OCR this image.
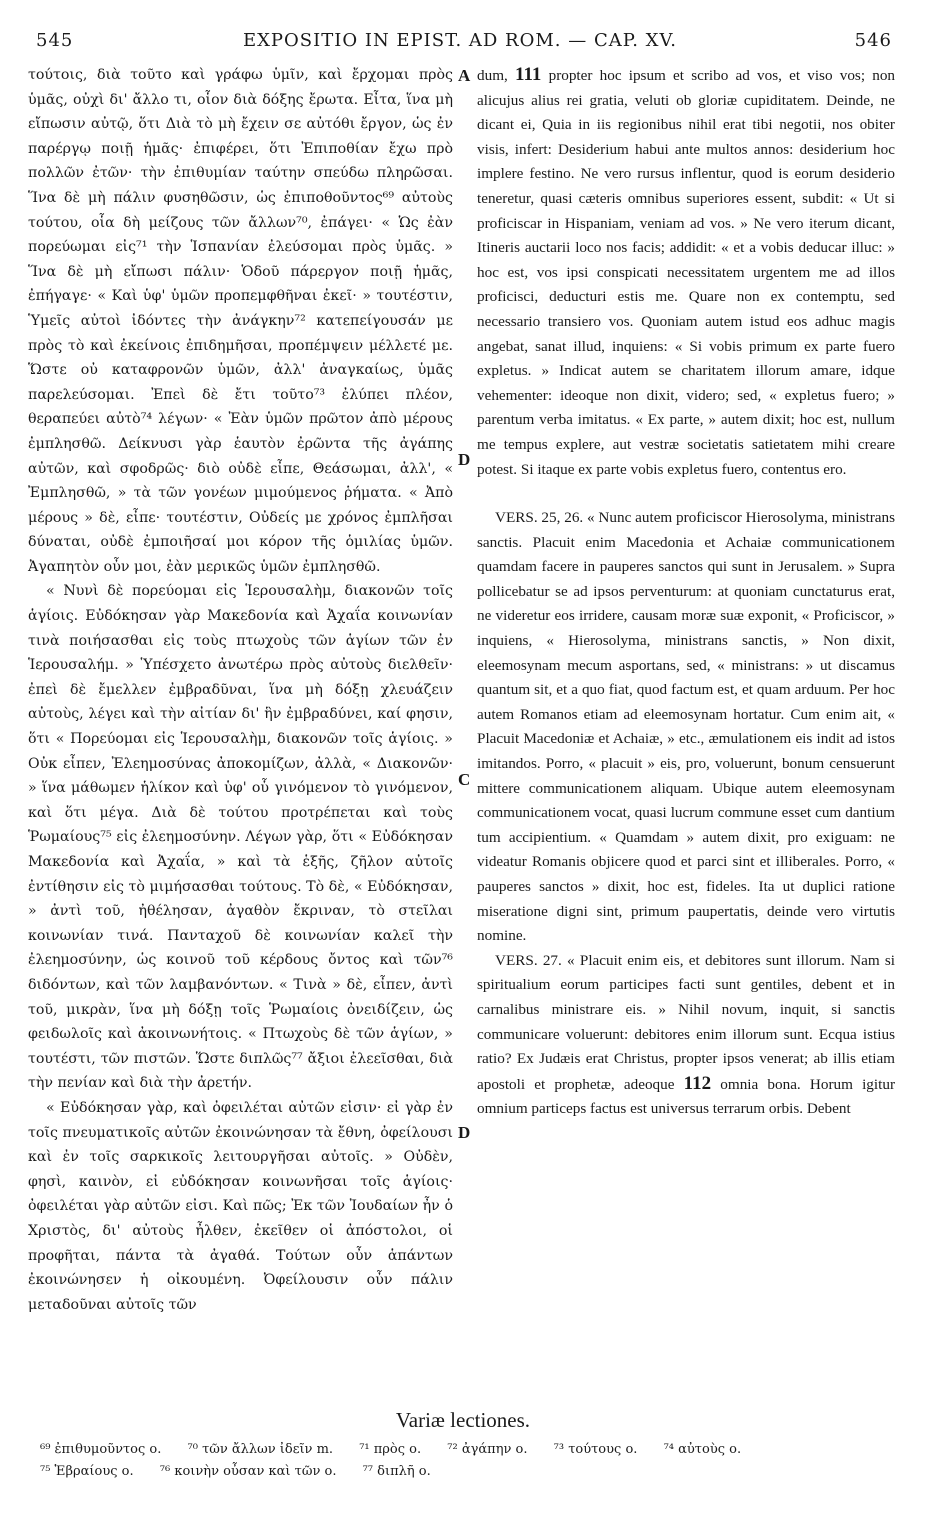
545	EXPOSITIO IN EPIST. AD ROM. — CAP. XV.	546
A
D
C
D

τούτοις, διὰ τοῦτο καὶ γράφω ὑμῖν, καὶ ἔρχομαι πρὸς ὑμᾶς, οὐχὶ δι' ἄλλο τι, οἷον διὰ δόξης ἔρωτα. Εἶτα, ἵνα μὴ εἴπωσιν αὐτῷ, ὅτι Διὰ τὸ μὴ ἔχειν σε αὐτόθι ἔργον, ὡς ἐν παρέργῳ ποιῇ ἡμᾶς· ἐπιφέρει, ὅτι Ἐπιποθίαν ἔχω πρὸ πολλῶν ἐτῶν· τὴν ἐπιθυμίαν ταύτην σπεύδω πληρῶσαι. Ἵνα δὲ μὴ πάλιν φυσηθῶσιν, ὡς ἐπιποθοῦντος⁶⁹ αὐτοὺς τούτου, οἷα δὴ μείζους τῶν ἄλλων⁷⁰, ἐπάγει· « Ὡς ἐὰν πορεύωμαι εἰς⁷¹ τὴν Ἱσπανίαν ἐλεύσομαι πρὸς ὑμᾶς. » Ἵνα δὲ μὴ εἴπωσι πάλιν· Ὁδοῦ πάρεργον ποιῇ ἡμᾶς, ἐπήγαγε· « Καὶ ὑφ' ὑμῶν προπεμφθῆναι ἐκεῖ· » τουτέστιν, Ὑμεῖς αὐτοὶ ἰδόντες τὴν ἀνάγκην⁷² κατεπείγουσάν με πρὸς τὸ καὶ ἐκείνοις ἐπιδημῆσαι, προπέμψειν μέλλετέ με. Ὥστε οὐ καταφρονῶν ὑμῶν, ἀλλ' ἀναγκαίως, ὑμᾶς παρελεύσομαι. Ἐπεὶ δὲ ἔτι τοῦτο⁷³ ἐλύπει πλέον, θεραπεύει αὐτὸ⁷⁴ λέγων· « Ἐὰν ὑμῶν πρῶτον ἀπὸ μέρους ἐμπλησθῶ. Δείκνυσι γὰρ ἑαυτὸν ἐρῶντα τῆς ἀγάπης αὐτῶν, καὶ σφοδρῶς· διὸ οὐδὲ εἶπε, Θεάσωμαι, ἀλλ', « Ἐμπλησθῶ, » τὰ τῶν γονέων μιμούμενος ῥήματα. « Ἀπὸ μέρους » δὲ, εἶπε· τουτέστιν, Οὐδείς με χρόνος ἐμπλῆσαι δύναται, οὐδὲ ἐμποιῆσαί μοι κόρον τῆς ὁμιλίας ὑμῶν. Ἀγαπητὸν οὖν μοι, ἐὰν μερικῶς ὑμῶν ἐμπλησθῶ.

« Νυνὶ δὲ πορεύομαι εἰς Ἱερουσαλὴμ, διακονῶν τοῖς ἁγίοις. Εὐδόκησαν γὰρ Μακεδονία καὶ Ἀχαΐα κοινωνίαν τινὰ ποιήσασθαι εἰς τοὺς πτωχοὺς τῶν ἁγίων τῶν ἐν Ἱερουσαλήμ. » Ὑπέσχετο ἀνωτέρω πρὸς αὐτοὺς διελθεῖν· ἐπεὶ δὲ ἔμελλεν ἐμβραδῦναι, ἵνα μὴ δόξῃ χλευάζειν αὐτοὺς, λέγει καὶ τὴν αἰτίαν δι' ἣν ἐμβραδύνει, καί φησιν, ὅτι « Πορεύομαι εἰς Ἱερουσαλὴμ, διακονῶν τοῖς ἁγίοις. » Οὐκ εἶπεν, Ἐλεημοσύνας ἀποκομίζων, ἀλλὰ, « Διακονῶν· » ἵνα μάθωμεν ἡλίκον καὶ ὑφ' οὗ γινόμενον τὸ γινόμενον, καὶ ὅτι μέγα. Διὰ δὲ τούτου προτρέπεται καὶ τοὺς Ῥωμαίους⁷⁵ εἰς ἐλεημοσύνην. Λέγων γὰρ, ὅτι « Εὐδόκησαν Μακεδονία καὶ Ἀχαΐα, » καὶ τὰ ἑξῆς, ζῆλον αὐτοῖς ἐντίθησιν εἰς τὸ μιμήσασθαι τούτους. Τὸ δὲ, « Εὐδόκησαν, » ἀντὶ τοῦ, ἠθέλησαν, ἀγαθὸν ἔκριναν, τὸ στεῖλαι κοινωνίαν τινά. Πανταχοῦ δὲ κοινωνίαν καλεῖ τὴν ἐλεημοσύνην, ὡς κοινοῦ τοῦ κέρδους ὄντος καὶ τῶν⁷⁶ διδόντων, καὶ τῶν λαμβανόντων. « Τινὰ » δὲ, εἶπεν, ἀντὶ τοῦ, μικρὰν, ἵνα μὴ δόξῃ τοῖς Ῥωμαίοις ὀνειδίζειν, ὡς φειδωλοῖς καὶ ἀκοινωνήτοις. « Πτωχοὺς δὲ τῶν ἁγίων, » τουτέστι, τῶν πιστῶν. Ὥστε διπλῶς⁷⁷ ἄξιοι ἐλεεῖσθαι, διὰ τὴν πενίαν καὶ διὰ τὴν ἀρετήν.

« Εὐδόκησαν γὰρ, καὶ ὀφειλέται αὐτῶν εἰσιν· εἰ γὰρ ἐν τοῖς πνευματικοῖς αὐτῶν ἐκοινώνησαν τὰ ἔθνη, ὀφείλουσι καὶ ἐν τοῖς σαρκικοῖς λειτουργῆσαι αὐτοῖς. » Οὐδὲν, φησὶ, καινὸν, εἰ εὐδόκησαν κοινωνῆσαι τοῖς ἁγίοις· ὀφειλέται γὰρ αὐτῶν εἰσι. Καὶ πῶς; Ἐκ τῶν Ἰουδαίων ἦν ὁ Χριστὸς, δι' αὐτοὺς ἦλθεν, ἐκεῖθεν οἱ ἀπόστολοι, οἱ προφῆται, πάντα τὰ ἀγαθά. Τούτων οὖν ἁπάντων ἐκοινώνησεν ἡ οἰκουμένη. Ὀφείλουσιν οὖν πάλιν μεταδοῦναι αὐτοῖς τῶν

dum, 111 propter hoc ipsum et scribo ad vos, et viso vos; non alicujus alius rei gratia, veluti ob gloriæ cupiditatem. Deinde, ne dicant ei, Quia in iis regionibus nihil erat tibi negotii, nos obiter visis, infert: Desiderium habui ante multos annos: desiderium hoc implere festino. Ne vero rursus inflentur, quod is eorum desiderio teneretur, quasi cæteris omnibus superiores essent, subdit: « Ut si proficiscar in Hispaniam, veniam ad vos. » Ne vero iterum dicant, Itineris auctarii loco nos facis; addidit: « et a vobis deducar illuc: » hoc est, vos ipsi conspicati necessitatem urgentem me ad illos proficisci, deducturi estis me. Quare non ex contemptu, sed necessario transiero vos. Quoniam autem istud eos adhuc magis angebat, sanat illud, inquiens: « Si vobis primum ex parte fuero expletus. » Indicat autem se charitatem illorum amare, idque vehementer: ideoque non dixit, videro; sed, « expletus fuero; » parentum verba imitatus. « Ex parte, » autem dixit; hoc est, nullum me tempus explere, aut vestræ societatis satietatem mihi creare potest. Si itaque ex parte vobis expletus fuero, contentus ero.

VERS. 25, 26. « Nunc autem proficiscor Hierosolyma, ministrans sanctis. Placuit enim Macedonia et Achaiæ communicationem quamdam facere in pauperes sanctos qui sunt in Jerusalem. » Supra pollicebatur se ad ipsos perventurum: at quoniam cunctaturus erat, ne videretur eos irridere, causam moræ suæ exponit, « Proficiscor, » inquiens, « Hierosolyma, ministrans sanctis, » Non dixit, eleemosynam mecum asportans, sed, « ministrans: » ut discamus quantum sit, et a quo fiat, quod factum est, et quam arduum. Per hoc autem Romanos etiam ad eleemosynam hortatur. Cum enim ait, « Placuit Macedoniæ et Achaiæ, » etc., æmulationem eis indit ad istos imitandos. Porro, « placuit » eis, pro, voluerunt, bonum censuerunt mittere communicationem aliquam. Ubique autem eleemosynam communicationem vocat, quasi lucrum commune esset cum dantium tum accipientium. « Quamdam » autem dixit, pro exiguam: ne videatur Romanis objicere quod et parci sint et illiberales. Porro, « pauperes sanctos » dixit, hoc est, fideles. Ita ut duplici ratione miseratione digni sint, primum paupertatis, deinde vero virtutis nomine.

VERS. 27. « Placuit enim eis, et debitores sunt illorum. Nam si spiritualium eorum participes facti sunt gentiles, debent et in carnalibus ministrare eis. » Nihil novum, inquit, si sanctis communicare voluerunt: debitores enim illorum sunt. Ecqua istius ratio? Ex Judæis erat Christus, propter ipsos venerat; ab illis etiam apostoli et prophetæ, adeoque 112 omnia bona. Horum igitur omnium particeps factus est universus terrarum orbis. Debent

Variæ lectiones.
⁶⁹ ἐπιθυμοῦντος ο. ⁷⁰ τῶν ἄλλων ἰδεῖν m. ⁷¹ πρὸς ο. ⁷² ἀγάπην ο. ⁷³ τούτους ο. ⁷⁴ αὐτοὺς ο.
⁷⁵ Ἑβραίους ο. ⁷⁶ κοινὴν οὖσαν καὶ τῶν ο. ⁷⁷ διπλῆ ο.
